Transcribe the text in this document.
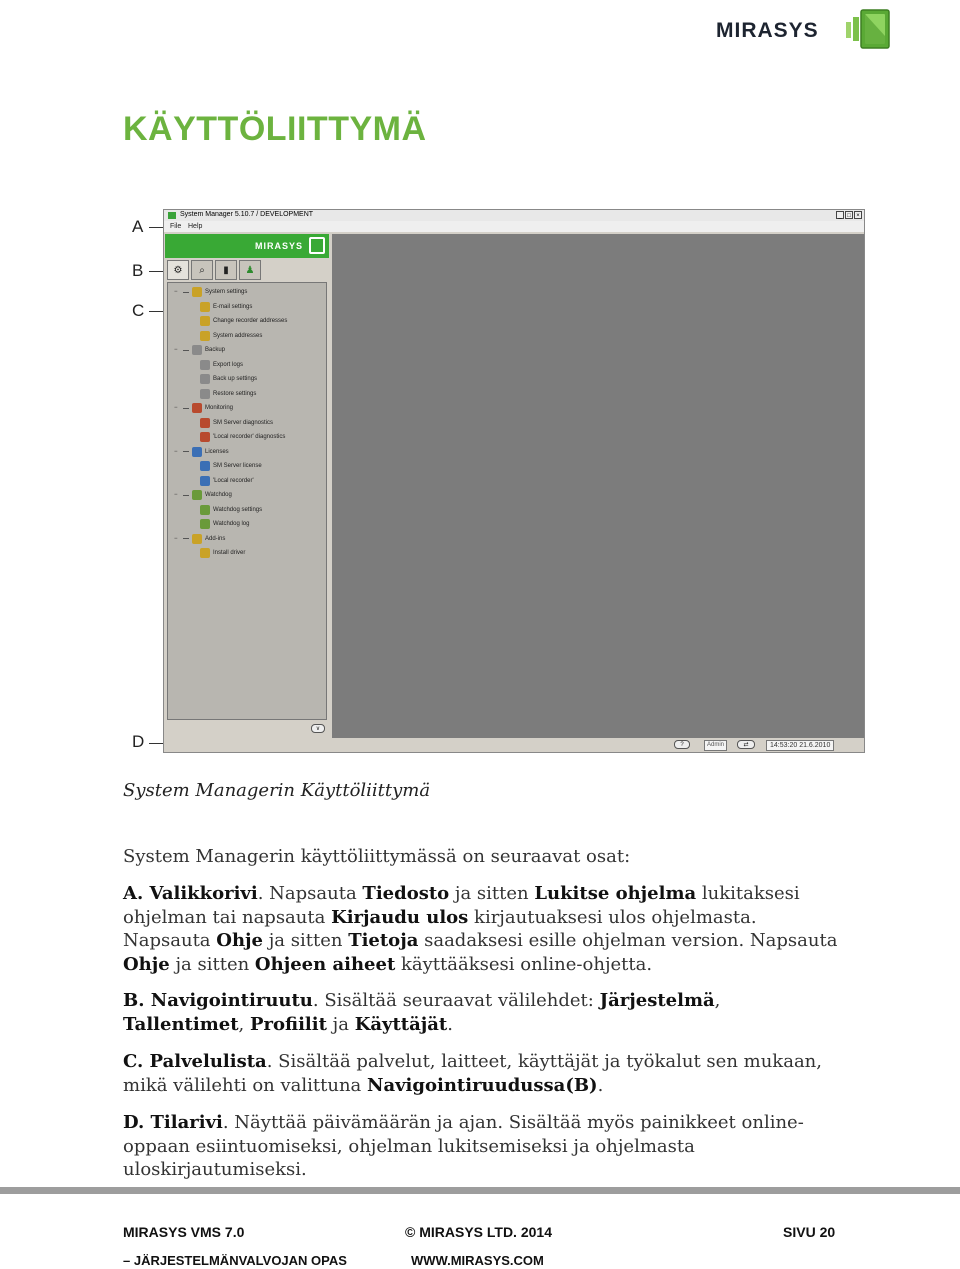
MIRASYS
KÄYTTÖLIITTYMÄ
A
B
C
D
System Manager 5.10.7 / DEVELOPMENT	_ □ ×
File Help
MIRASYS
⚙ ⌕ ▮ ♟
−	System settings
E-mail settings
Change recorder addresses
System addresses
−	Backup
Export logs
Back up settings
Restore settings
−	Monitoring
SM Server diagnostics
'Local recorder' diagnostics
−	Licenses
SM Server license
'Local recorder'
−	Watchdog
Watchdog settings
Watchdog log
−	Add-ins
Install driver
∨
?	Admin	⇄	14:53:20 21.6.2010
System Managerin Käyttöliittymä
System Managerin käyttöliittymässä on seuraavat osat:
A. Valikkorivi. Napsauta Tiedosto ja sitten Lukitse ohjelma lukitaksesi ohjelman tai napsauta Kirjaudu ulos kirjautuaksesi ulos ohjelmasta. Napsauta Ohje ja sitten Tietoja saadaksesi esille ohjelman version. Napsauta Ohje ja sitten Ohjeen aiheet käyttääksesi online-ohjetta.
B. Navigointiruutu. Sisältää seuraavat välilehdet: Järjestelmä, Tallentimet, Profiilit ja Käyttäjät.
C. Palvelulista. Sisältää palvelut, laitteet, käyttäjät ja työkalut sen mukaan, mikä välilehti on valittuna Navigointiruudussa(B).
D. Tilarivi. Näyttää päivämäärän ja ajan. Sisältää myös painikkeet online-oppaan esiintuomiseksi, ohjelman lukitsemiseksi ja ohjelmasta uloskirjautumiseksi.
MIRASYS VMS 7.0
– JÄRJESTELMÄNVALVOJAN OPAS
© MIRASYS LTD. 2014
WWW.MIRASYS.COM
SIVU 20
